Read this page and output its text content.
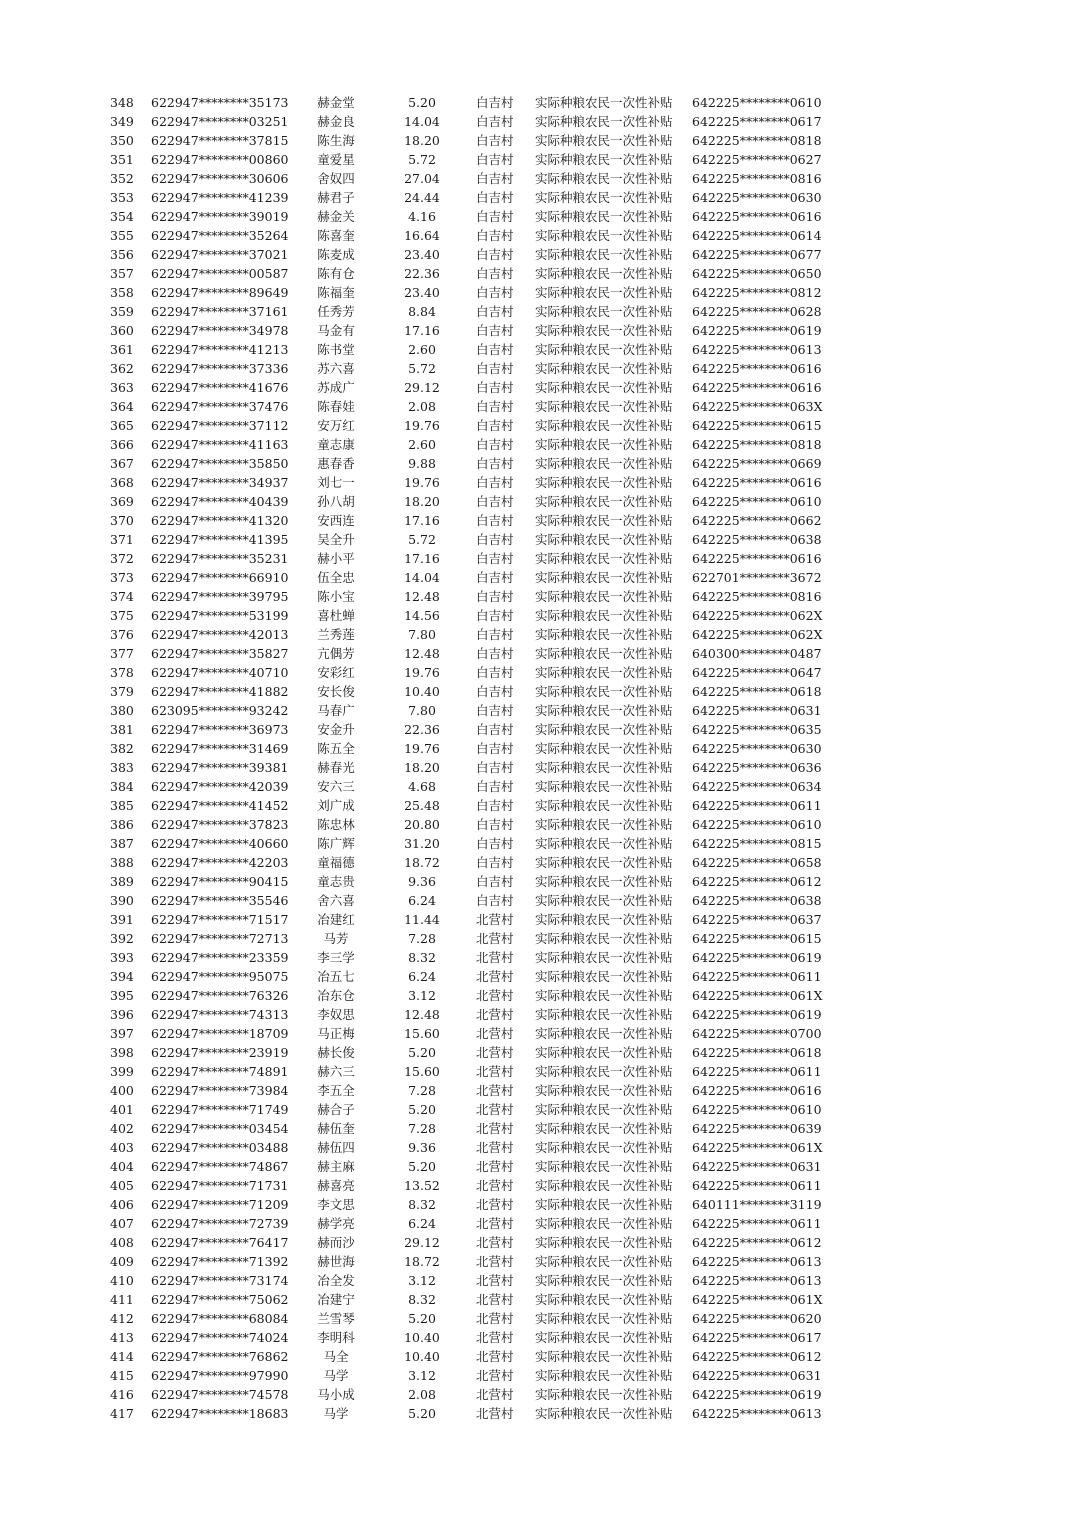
348 622947********35173	赫金堂	5.20	白吉村 实际种粮农民一次性补贴 642225********0610
349 622947********03251	赫金良	14.04	白吉村 实际种粮农民一次性补贴 642225********0617
350 622947********37815	陈生海	18.20	白吉村 实际种粮农民一次性补贴 642225********0818
351 622947********00860	童爱星	5.72	白吉村 实际种粮农民一次性补贴 642225********0627
352 622947********30606	舍奴四	27.04	白吉村 实际种粮农民一次性补贴 642225********0816
353 622947********41239	赫君子	24.44	白吉村 实际种粮农民一次性补贴 642225********0630
354 622947********39019	赫金关	4.16	白吉村 实际种粮农民一次性补贴 642225********0616
355 622947********35264	陈喜奎	16.64	白吉村 实际种粮农民一次性补贴 642225********0614
356 622947********37021	陈麦成	23.40	白吉村 实际种粮农民一次性补贴 642225********0677
357 622947********00587	陈有仓	22.36	白吉村 实际种粮农民一次性补贴 642225********0650
358 622947********89649	陈福奎	23.40	白吉村 实际种粮农民一次性补贴 642225********0812
359 622947********37161	任秀芳	8.84	白吉村 实际种粮农民一次性补贴 642225********0628
360 622947********34978	马金有	17.16	白吉村 实际种粮农民一次性补贴 642225********0619
361 622947********41213	陈书堂	2.60	白吉村 实际种粮农民一次性补贴 642225********0613
362 622947********37336	苏六喜	5.72	白吉村 实际种粮农民一次性补贴 642225********0616
363 622947********41676	苏成广	29.12	白吉村 实际种粮农民一次性补贴 642225********0616
364 622947********37476	陈春娃	2.08	白吉村 实际种粮农民一次性补贴 642225********063X
365 622947********37112	安万红	19.76	白吉村 实际种粮农民一次性补贴 642225********0615
366 622947********41163	童志康	2.60	白吉村 实际种粮农民一次性补贴 642225********0818
367 622947********35850	惠春香	9.88	白吉村 实际种粮农民一次性补贴 642225********0669
368 622947********34937	刘七一	19.76	白吉村 实际种粮农民一次性补贴 642225********0616
369 622947********40439	孙八胡	18.20	白吉村 实际种粮农民一次性补贴 642225********0610
370 622947********41320	安西连	17.16	白吉村 实际种粮农民一次性补贴 642225********0662
371 622947********41395	吴全升	5.72	白吉村 实际种粮农民一次性补贴 642225********0638
372 622947********35231	赫小平	17.16	白吉村 实际种粮农民一次性补贴 642225********0616
373 622947********66910	伍全忠	14.04	白吉村 实际种粮农民一次性补贴 622701********3672
374 622947********39795	陈小宝	12.48	白吉村 实际种粮农民一次性补贴 642225********0816
375 622947********53199	喜杜蝉	14.56	白吉村 实际种粮农民一次性补贴 642225********062X
376 622947********42013	兰秀莲	7.80	白吉村 实际种粮农民一次性补贴 642225********062X
377 622947********35827	亢偶芳	12.48	白吉村 实际种粮农民一次性补贴 640300********0487
378 622947********40710	安彩红	19.76	白吉村 实际种粮农民一次性补贴 642225********0647
379 622947********41882	安长俊	10.40	白吉村 实际种粮农民一次性补贴 642225********0618
380 623095********93242	马春广	7.80	白吉村 实际种粮农民一次性补贴 642225********0631
381 622947********36973	安金升	22.36	白吉村 实际种粮农民一次性补贴 642225********0635
382 622947********31469	陈五全	19.76	白吉村 实际种粮农民一次性补贴 642225********0630
383 622947********39381	赫春光	18.20	白吉村 实际种粮农民一次性补贴 642225********0636
384 622947********42039	安六三	4.68	白吉村 实际种粮农民一次性补贴 642225********0634
385 622947********41452	刘广成	25.48	白吉村 实际种粮农民一次性补贴 642225********0611
386 622947********37823	陈忠林	20.80	白吉村 实际种粮农民一次性补贴 642225********0610
387 622947********40660	陈广辉	31.20	白吉村 实际种粮农民一次性补贴 642225********0815
388 622947********42203	童福德	18.72	白吉村 实际种粮农民一次性补贴 642225********0658
389 622947********90415	童志贵	9.36	白吉村 实际种粮农民一次性补贴 642225********0612
390 622947********35546	舍六喜	6.24	白吉村 实际种粮农民一次性补贴 642225********0638
391 622947********71517	冶建红	11.44	北营村 实际种粮农民一次性补贴 642225********0637
392 622947********72713	马芳	7.28	北营村 实际种粮农民一次性补贴 642225********0615
393 622947********23359	李三学	8.32	北营村 实际种粮农民一次性补贴 642225********0619
394 622947********95075	冶五七	6.24	北营村 实际种粮农民一次性补贴 642225********0611
395 622947********76326	冶东仓	3.12	北营村 实际种粮农民一次性补贴 642225********061X
396 622947********74313	李奴思	12.48	北营村 实际种粮农民一次性补贴 642225********0619
397 622947********18709	马正梅	15.60	北营村 实际种粮农民一次性补贴 642225********0700
398 622947********23919	赫长俊	5.20	北营村 实际种粮农民一次性补贴 642225********0618
399 622947********74891	赫六三	15.60	北营村 实际种粮农民一次性补贴 642225********0611
400 622947********73984	李五全	7.28	北营村 实际种粮农民一次性补贴 642225********0616
401 622947********71749	赫合子	5.20	北营村 实际种粮农民一次性补贴 642225********0610
402 622947********03454	赫伍奎	7.28	北营村 实际种粮农民一次性补贴 642225********0639
403 622947********03488	赫伍四	9.36	北营村 实际种粮农民一次性补贴 642225********061X
404 622947********74867	赫主麻	5.20	北营村 实际种粮农民一次性补贴 642225********0631
405 622947********71731	赫喜亮	13.52	北营村 实际种粮农民一次性补贴 642225********0611
406 622947********71209	李文思	8.32	北营村 实际种粮农民一次性补贴 640111********3119
407 622947********72739	赫学亮	6.24	北营村 实际种粮农民一次性补贴 642225********0611
408 622947********76417	赫而沙	29.12	北营村 实际种粮农民一次性补贴 642225********0612
409 622947********71392	赫世海	18.72	北营村 实际种粮农民一次性补贴 642225********0613
410 622947********73174	冶全发	3.12	北营村 实际种粮农民一次性补贴 642225********0613
411 622947********75062	冶建宁	8.32	北营村 实际种粮农民一次性补贴 642225********061X
412 622947********68084	兰雪琴	5.20	北营村 实际种粮农民一次性补贴 642225********0620
413 622947********74024	李明科	10.40	北营村 实际种粮农民一次性补贴 642225********0617
414 622947********76862	马全	10.40	北营村 实际种粮农民一次性补贴 642225********0612
415 622947********97990	马学	3.12	北营村 实际种粮农民一次性补贴 642225********0631
416 622947********74578	马小成	2.08	北营村 实际种粮农民一次性补贴 642225********0619
417 622947********18683	马学	5.20	北营村 实际种粮农民一次性补贴 642225********0613
